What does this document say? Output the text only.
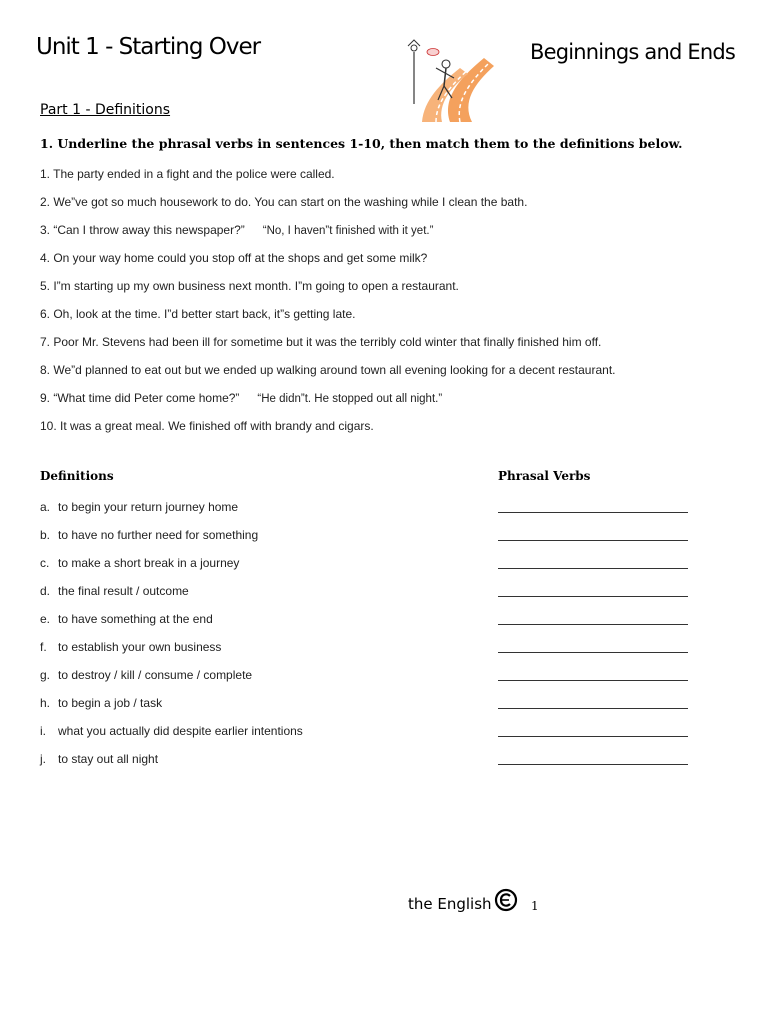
Unit 1 - Starting Over	Beginnings and Ends
Part 1 - Definitions
1. Underline the phrasal verbs in sentences 1-10, then match them to the definitions below.
1. The party ended in a fight and the police were called.
2. We”ve got so much housework to do. You can start on the washing while I clean the bath.
3. “Can I throw away this newspaper?” “No, I haven”t finished with it yet.”
4. On your way home could you stop off at the shops and get some milk?
5. I”m starting up my own business next month. I”m going to open a restaurant.
6. Oh, look at the time. I”d better start back, it”s getting late.
7. Poor Mr. Stevens had been ill for sometime but it was the terribly cold winter that finally finished him off.
8. We”d planned to eat out but we ended up walking around town all evening looking for a decent restaurant.
9. “What time did Peter come home?” “He didn”t. He stopped out all night.”
10. It was a great meal. We finished off with brandy and cigars.
Definitions	Phrasal Verbs
a. to begin your return journey home
b. to have no further need for something
c. to make a short break in a journey
d. the final result / outcome
e. to have something at the end
f. to establish your own business
g. to destroy / kill / consume / complete
h. to begin a job / task
i. what you actually did despite earlier intentions
j. to stay out all night
the English	1
